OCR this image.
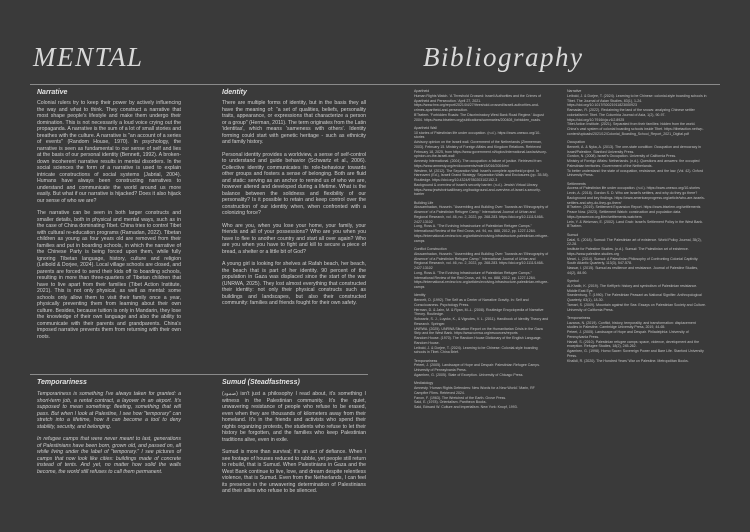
MENTAL	Bibliography
Narrative

Colonial rulers try to keep their power by actively influencing the way and what to think. They construct a narrative that most shape people's lifestyle and make them undergo their domination. This is not necessarily a loud voice crying out the propaganda. A narrative is the sum of a lot of small stories and breathes with the culture. A narrative is "an account of a series of events" (Random House, 1970). In psychology, the narrative is seen as fundamental to our sense of self and lies at the basis of our personal identity (Bennett, 1992). A broken-down incoherent narrative results in mental disorders. In the social sciences the form of a narrative is used to explain intricate constructions of social systems (Jabrial, 2004). Humans have always been constructing narratives to understand and communicate the world around us more easily. But what if our narrative is hijacked? Does it also hijack our sense of who we are?

The narrative can be seen in both larger constructs and smaller details, both in physical and mental ways, such as in the case of China dominating Tibet. China tries to control Tibet with cultural re-education programs (Ramadan, 2022). Tibetan children as young as four years old are removed from their families and put in boarding schools, in which the narrative of the Chinese Party is being forced upon them, while fully ignoring Tibetan language, history, culture and religion (Leibold & Dorjee, 2024). Local village schools are closed, and parents are forced to send their kids off to boarding schools, resulting in more than three-quarters of Tibetan children that have to live apart from their families (Tibet Action Institute, 2021). This is not only physical, as well as mental: some schools only allow them to visit their family once a year, physically preventing them from learning about their own culture. Besides, because tuition is only in Mandarin, they lose the knowledge of their own language and also the ability to communicate with their parents and grandparents. China's imposed narrative prevents them from returning with their own roots.

Identity

There are multiple forms of identity, but in the basis they all have the meaning of: "a set of qualities, beliefs, personality traits, appearance, or expressions that characterize a person or a group" (Herman, 2011). The term originates from the Latin 'identitas', which means 'sameness with others'. Identity forming could start with genetic heritage - such as ethnicity and family history.

Personal identity provides a worldview, a sense of self-control to understand and guide behavior (Schwartz et al., 2006). Collective identity communicates its role-behaviour towards other groups and fosters a sense of belonging. Both are fluid and static: serving as an anchor to remind us of who we are, however altered and developed during a lifetime. What is the balance between the solidness and flexibility of our personality? Is it possible to retain and keep control over the construction of our identity when, when confronted with a colonizing force?

Who are you, when you lose your home, your family, your friends and all of your possessions? Who are you when you have to flee to another country and start all over again? Who are you when you have to fight and kill to secure a piece of bread, a shelter or a little bit of God?

A young girl is looking for shelves at Rafah beach, her beach, the beach that is part of her identity. 90 percent of the population in Gaza was displaced since the start of the war (UNRWA, 2025). They lost almost everything that constructed their identity: not only their physical constructs such as buildings and landscapes, but also their constructed community: families and friends fought for their own safety.

Temporariness

Temporariness is something I've always taken for granted: a short-term job, a rental contract, a layover in an airport. It's supposed to mean something: fleeting, something that will pass. But when I look at Palestine, I see how "temporary" can stretch into a lifetime, how it can become a tool to deny stability, security, and belonging.

In refugee camps that were never meant to last, generations of Palestinians have been born, grown old, and passed on, all while living under the label of "temporary." I see pictures of camps that now look like cities: buildings made of concrete instead of tents. And yet, no matter how solid the walls become, the world still refuses to call them permanent.

Sumud (Steadfastness)

(صمود) isn't just a philosophy I read about, it's something I witness in the Palestinian community. It's the quiet, unwavering resistance of people who refuse to be erased, even when they are thousands of kilometers away from their homeland. It's in the friends and activists who spend their nights organizing protests, the students who refuse to let their history be forgotten, and the families who keep Palestinian traditions alive, even in exile.

Sumud is more than survival; it's an act of defiance. When I see footage of houses reduced to rubble, yet people still return to rebuild, that is Sumud. When Palestinians in Gaza and the West Bank continue to live, love, and dream despite relentless violence, that is Sumud. Even from the Netherlands, I can feel its presence in the unwavering determination of Palestinians and their allies who refuse to be silenced.

Apartheid
Human Rights Watch. 'A Threshold Crossed: Israeli Authorities and the Crimes of Apartheid and Persecution.' April 27, 2021. https://www.hrw.org/report/2021/04/27/threshold-crossed/israeli-authorities-and-crimes-apartheid-and-persecution.
B'Tselem. 'Forbidden Roads: The Discriminatory West Bank Road Regime.' August 2004. https://www.btselem.org/publications/summaries/200408_forbidden_roads.
Apartheid Wall
10 stories of Palestinian life under occupation. (n.d.). https://www.unesco.org/10-stories
Advisory opinion on the Israeli wall. Government of the Netherlands (Zimmerman, 2003). February 15. Ministry of Foreign Affairs and Kingdom Relations. Retrieved February 18, 2025, from https://www.government.nl/topics/international-law/advisory-opinion-on-the-israeli-wall
Amnesty International. (2004). The occupation: a failure of justice. Retrieved from https://www.amnesty.org/en/documents/mde15/016/2004/en/
Western, M. (2012). The Separation Wall: Israel's complete apartheid project. In Hareuveni (Ed.), Israeli Grand Strategy: Separation Walls and Enclosures (pp. 35-58). Routledge. https://doi.org/10.4324/9780203102152-3
Background & overview of Israel's security barrier. (n.d.). Jewish Virtual Library. https://www.jewishvirtuallibrary.org/background-and-overview-of-israel-s-security-barrier
Building Life
Abusamhadan, Hussein. "Assembling and Building Over: Towards an 'Ethnography of Absence' of a Palestinian Refugee Camp." International Journal of Urban and Regional Research, vol. 46, no. 2, 2022, pp. 268-283. https://doi.org/10.1111/1468-2427.13102
Long, Ross A. "The Evolving Infrastructure of Palestinian Refugee Camps." International Review of the Red Cross, vol. 94, no. 888, 2012, pp. 1227-1264. https://international-review.icrc.org/articles/evolving-infrastructure-palestinian-refugee-camps
Conflict Construction
Abusamhadan, Hussein. "Assembling and Building Over: Towards an 'Ethnography of Absence' of a Palestinian Refugee Camp." International Journal of Urban and Regional Research, vol. 46, no. 2, 2022, pp. 268-283. https://doi.org/10.1111/1468-2427.13102
Long, Ross A. "The Evolving Infrastructure of Palestinian Refugee Camps." International Review of the Red Cross, vol. 94, no. 888, 2012, pp. 1227-1264. https://international-review.icrc.org/articles/evolving-infrastructure-palestinian-refugee-camps
Identity
Bennett, D. (1992). The Self as a Center of Narrative Gravity. In: Self and Consciousness. Psychology Press.
Herman, D. & Jahn, M. & Ryan, M.-L. (2008). Routledge Encyclopedia of Narrative Theory. Routledge.
Schwartz, S. J., Luyckx, K., & Vignoles, V. L. (2011). Handbook of Identity Theory and Research. Springer.
UNRWA. (2025). UNRWA Situation Report on the Humanitarian Crisis in the Gaza Strip and the West Bank. https://www.unrwa.org/resources/reports
Random House. (1970). The Random House Dictionary of the English Language. Random House.
Leibold, J. & Dorjee, T. (2024). Learning to be Chinese: Colonial-style boarding schools in Tibet. China Brief.
Temporariness
Peteet, J. (2005). Landscape of Hope and Despair: Palestinian Refugee Camps. University of Pennsylvania Press.
Agamben, G. (2005). State of Exception. University of Chicago Press.
Mediatology
Amnesty. 'Human Rights Defenders: New Words for a New World.' Marin, RF Campfire Films. Retrieved 2024.
Fanon, F. (1963). The Wretched of the Earth. Grove Press.
Said, E. (1978). Orientalism. Pantheon Books.
Said, Edward W. Culture and Imperialism. New York: Knopf, 1993.
Narrative
Leibold, J. & Dorjee, T. (2024). Learning to be Chinese: colonial-style boarding schools in Tibet. The Journal of Asian Studies, 83(1), 1-24. https://doi.org/10.1017/S0021911823000923
Ramadan, R. (2022). Reclaiming the land of the snows: analyzing Chinese settler colonialism in Tibet. The Columbia Journal of Asia, 1(2), 90-97. https://doi.org/10.7916/cja.v1i2.8925
Tibet Action Institute. (2021). Separated from their families: hidden from the world. China's vast system of colonial boarding schools inside Tibet. https://tibetaction.net/wp-content/uploads/2021/12/Colonial_Boarding_School_Report_2021_Digital.pdf
Occupation
Bennett, A. & Nyka, A. (2013). The one-state condition: Occupation and democracy in Israel/Palestine. Stanford University Press.
Gordon, N. (2008). Israel's Occupation. University of California Press.
Ministry of Foreign Affairs: Netherlands. (n.d.). Questions and answers: the occupied Palestinian territories. Government of the Netherlands.
To better understand: the state of occupation, resistance, and the law. (Vol. 42). Oxford University Press.
Settlements
Access of Palestinian life under occupation. (n.d.). https://www.unesco.org/10-stories
Levin, A. (2018). Gordon S. D. Who are Israel's settlers, and why do they go there? Background and key findings. https://www.americanprogress.org/article/who-are-israels-settlers-and-why-do-they-go-there/
B'Tselem. (2019). Settlement Expansion Report. https://www.btselem.org/settlements
Peace Now. (2023). Settlement Watch: construction and population data. https://peacenow.org.il/en/settlements-watchers
Lein, Y. & Weizman, E. (2002). Land Grab: Israel's Settlement Policy in the West Bank. B'Tselem.
Sumud
Dalal, S. (2018). Sumud: The Palestinian art of existence. World Policy Journal, 35(2), 22-28.
Institute for Palestine Studies. (n.d.). Sumud: The Palestinian art of existence. https://www.palestine-studies.org
Meari, L. (2014). Sumud: A Palestinian Philosophy of Confronting Colonial Captivity. South Atlantic Quarterly, 113(3), 547-578.
Nassar, I. (2015). Sumud as resilience and resistance. Journal of Palestine Studies, 44(2), 88-90.
Symbol
Al-Khatib, K. (2019). The Keffiyeh: history and symbolism of Palestinian resistance. Middle East Eye.
Swedenburg, T. (1990). The Palestinian Peasant as National Signifier. Anthropological Quarterly, 63(1), 18-30.
Tamari, S. (2009). Mountain against the Sea: Essays on Palestinian Society and Culture. University of California Press.
Temporariness
Lazarus, N. (2019). Conflict, history, temporality, and transformation: displacement studies in Palestine. Cambridge University Press, 2019, 44-65.
Peteet, J. (2005). Landscape of Hope and Despair. Philadelphia: University of Pennsylvania Press.
Hanafi, S. (2010). Palestinian refugee camps: space, violence, development and the exception. Refugee Studies, 18(2), 245-262.
Agamben, G. (1998). Homo Sacer: Sovereign Power and Bare Life. Stanford University Press.
Khalidi, R. (2020). The Hundred Years' War on Palestine. Metropolitan Books.
